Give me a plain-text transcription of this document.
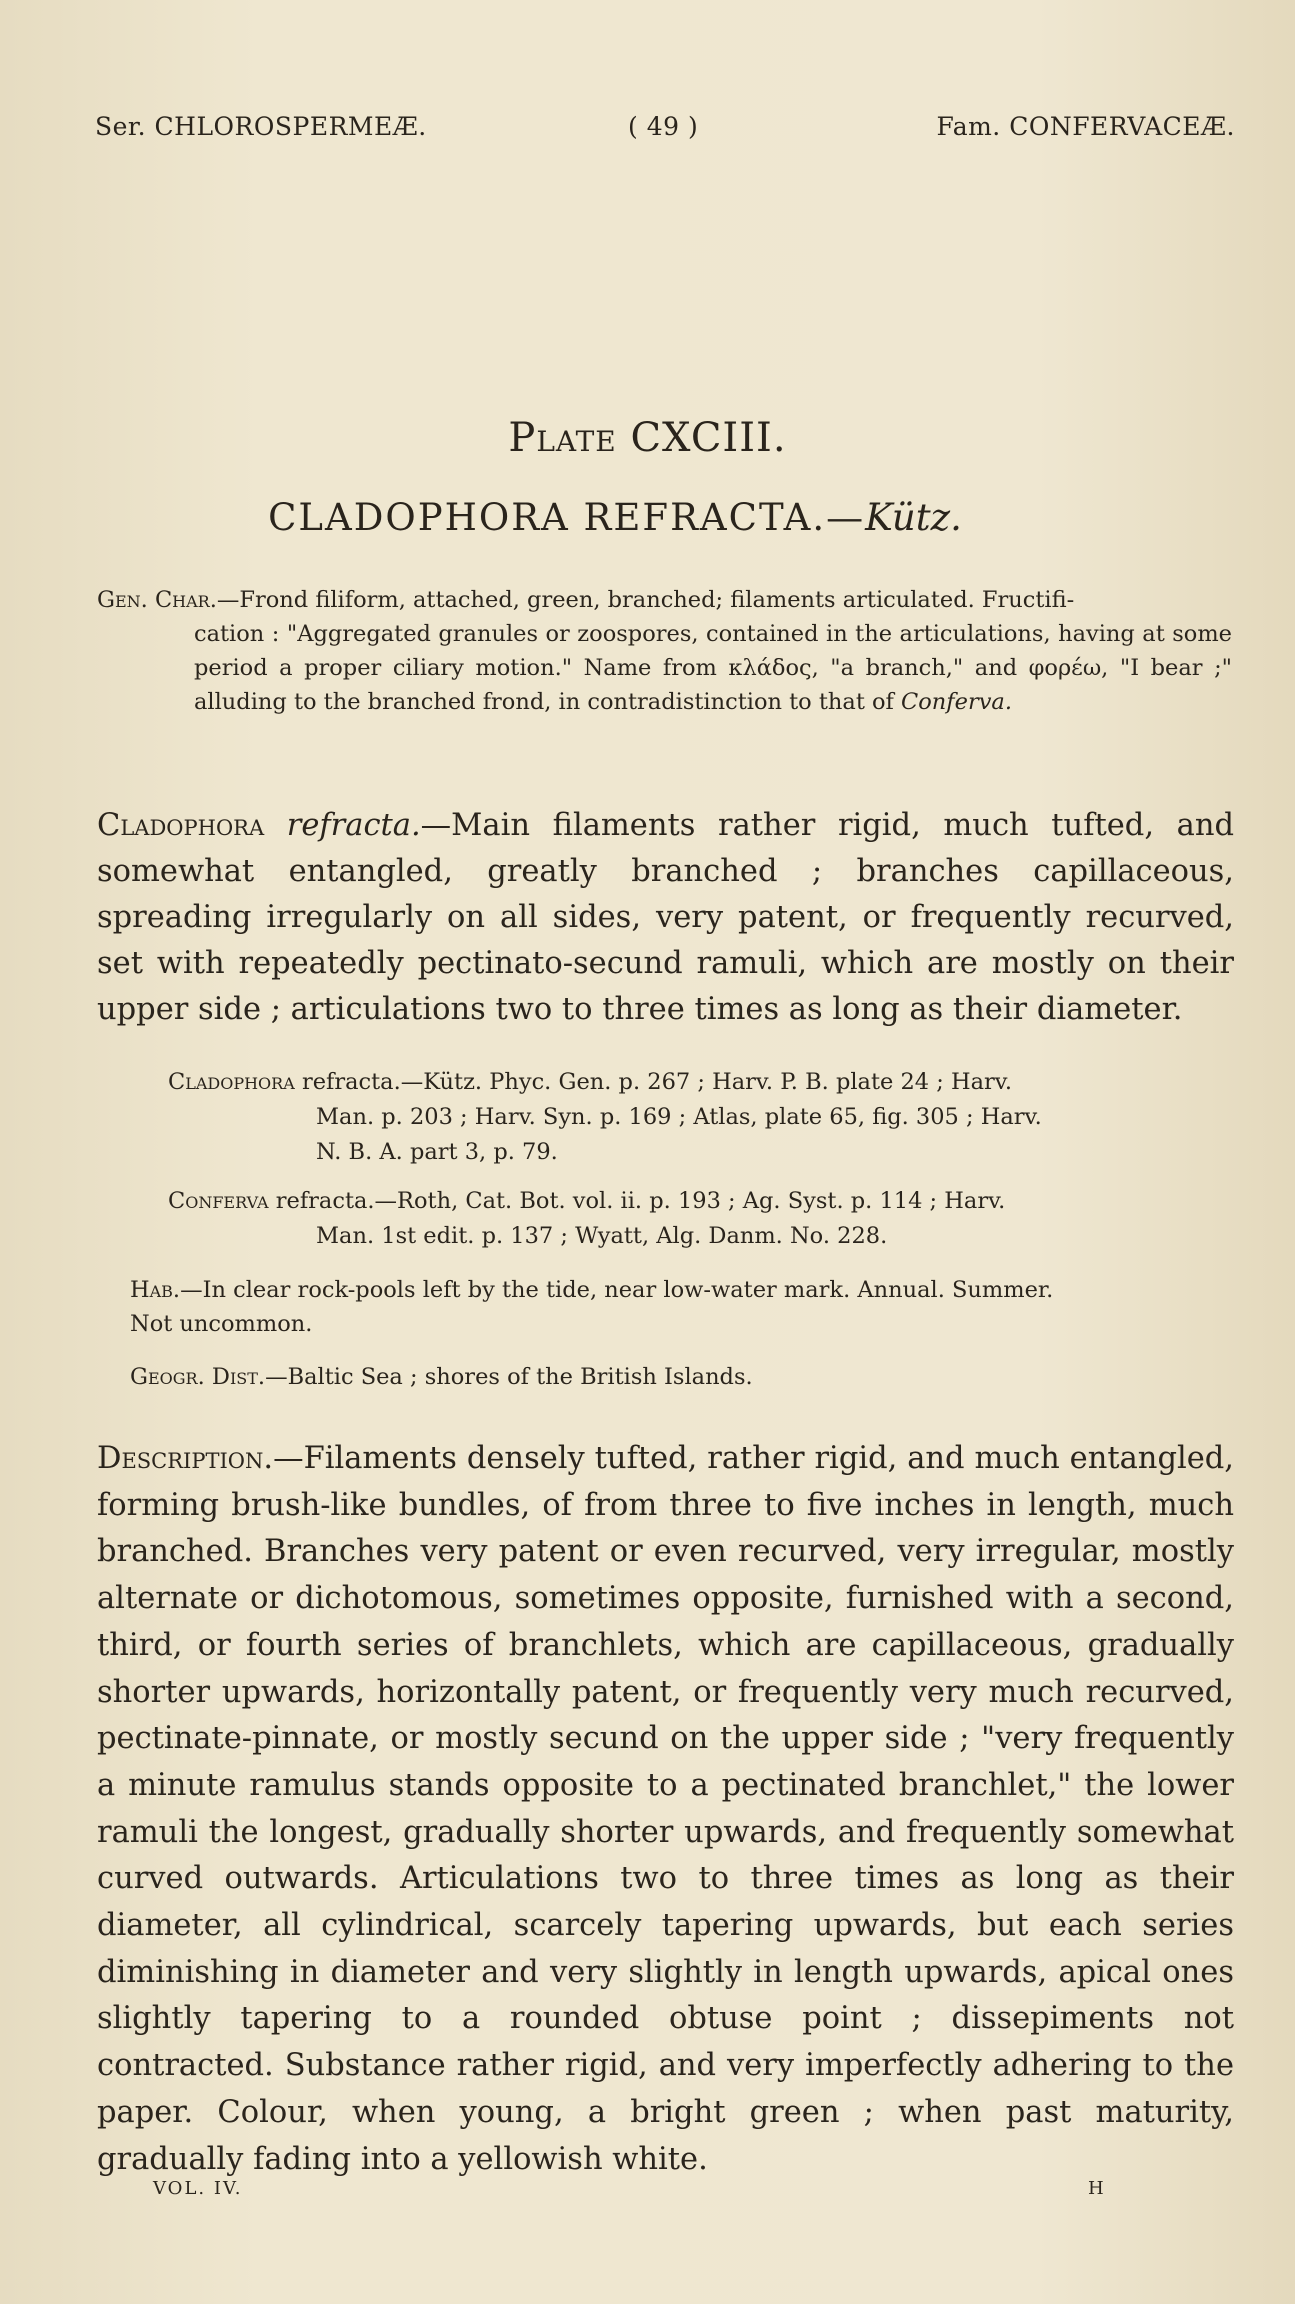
Ser. CHLOROSPERMEÆ.	( 49 )	Fam. CONFERVACEÆ.
Plate CXCIII.
CLADOPHORA REFRACTA.—Kütz.
Gen. Char.—Frond filiform, attached, green, branched; filaments articulated. Fructifi-
cation : "Aggregated granules or zoospores, contained in the articulations, having at some period a proper ciliary motion." Name from κλάδος, "a branch," and φορέω, "I bear ;" alluding to the branched frond, in contradistinction to that of Conferva.
Cladophora refracta.—Main filaments rather rigid, much tufted, and somewhat entangled, greatly branched ; branches capillaceous, spreading irregularly on all sides, very patent, or frequently recurved, set with repeatedly pectinato-secund ramuli, which are mostly on their upper side ; articulations two to three times as long as their diameter.
Cladophora refracta.—Kütz. Phyc. Gen. p. 267 ; Harv. P. B. plate 24 ; Harv.
Man. p. 203 ; Harv. Syn. p. 169 ; Atlas, plate 65, fig. 305 ; Harv.
N. B. A. part 3, p. 79.
Conferva refracta.—Roth, Cat. Bot. vol. ii. p. 193 ; Ag. Syst. p. 114 ; Harv.
Man. 1st edit. p. 137 ; Wyatt, Alg. Danm. No. 228.
Hab.—In clear rock-pools left by the tide, near low-water mark. Annual. Summer.
Not uncommon.
Geogr. Dist.—Baltic Sea ; shores of the British Islands.
Description.—Filaments densely tufted, rather rigid, and much entangled, forming brush-like bundles, of from three to five inches in length, much branched. Branches very patent or even recurved, very irregular, mostly alternate or dichotomous, sometimes opposite, furnished with a second, third, or fourth series of branchlets, which are capillaceous, gradually shorter upwards, horizontally patent, or frequently very much recurved, pectinate-pinnate, or mostly secund on the upper side ; "very frequently a minute ramulus stands opposite to a pectinated branchlet," the lower ramuli the longest, gradually shorter upwards, and frequently somewhat curved outwards. Articulations two to three times as long as their diameter, all cylindrical, scarcely tapering upwards, but each series diminishing in diameter and very slightly in length upwards, apical ones slightly tapering to a rounded obtuse point ; dissepiments not contracted. Substance rather rigid, and very imperfectly adhering to the paper. Colour, when young, a bright green ; when past maturity, gradually fading into a yellowish white.
VOL. IV.	H
